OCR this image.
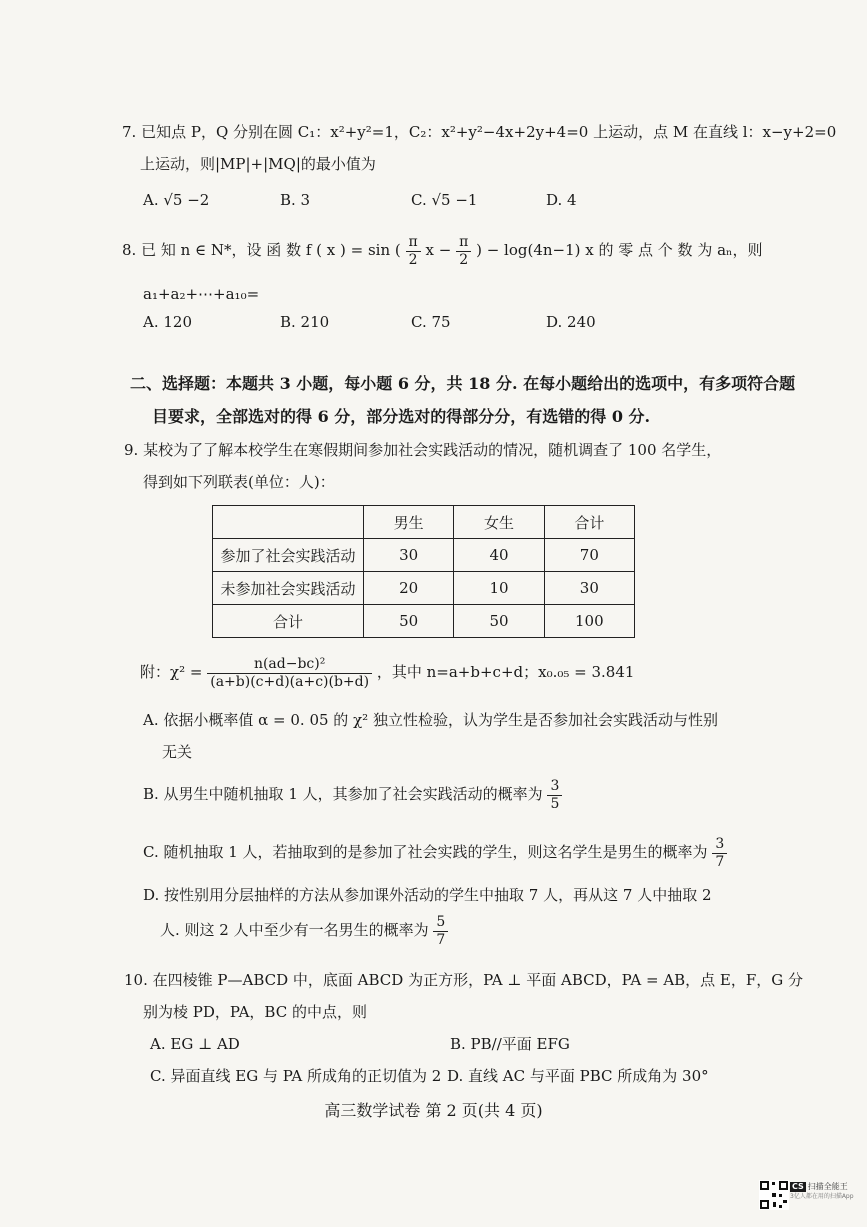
7. 已知点 P，Q 分别在圆 C₁：x²+y²=1，C₂：x²+y²−4x+2y+4=0 上运动，点 M 在直线 l：x−y+2=0
上运动，则|MP|+|MQ|的最小值为
A. √5 −2	B. 3	C. √5 −1	D. 4
8. 已 知 n ∈ N*，设 函 数 f ( x ) = sin ( $\frac{\pi}{2}$ $x - \frac{\pi}{2}$ ) − log(4n−1) x 的 零 点 个 数 为 aₙ，则
a₁+a₂+⋯+a₁₀=
A. 120	B. 210	C. 75	D. 240
二、选择题：本题共 3 小题，每小题 6 分，共 18 分. 在每小题给出的选项中，有多项符合题
目要求，全部选对的得 6 分，部分选对的得部分分，有选错的得 0 分.
9. 某校为了了解本校学生在寒假期间参加社会实践活动的情况，随机调查了 100 名学生，
得到如下列联表(单位：人)：
	男生	女生	合计
参加了社会实践活动	30	40	70
未参加社会实践活动	20	10	30
合计	50	50	100
附：$\chi^2 = \frac{\text{n(ad−bc)²}}{(a+b)(c+d)(a+c)(b+d)}$ ，其中 n=a+b+c+d；x₀.₀₅ = 3.841
A. 依据小概率值 α = 0. 05 的 χ² 独立性检验，认为学生是否参加社会实践活动与性别
无关
B. 从男生中随机抽取 1 人，其参加了社会实践活动的概率为 $\frac{3}{5}$
C. 随机抽取 1 人，若抽取到的是参加了社会实践的学生，则这名学生是男生的概率为 $\frac{3}{7}$
D. 按性别用分层抽样的方法从参加课外活动的学生中抽取 7 人，再从这 7 人中抽取 2
人. 则这 2 人中至少有一名男生的概率为 $\frac{5}{7}$
10. 在四棱锥 P—ABCD 中，底面 ABCD 为正方形，PA ⊥ 平面 ABCD，PA = AB，点 E，F，G 分
别为棱 PD，PA，BC 的中点，则
A. EG ⊥ AD	B. PB//平面 EFG
C. 异面直线 EG 与 PA 所成角的正切值为 2 D. 直线 AC 与平面 PBC 所成角为 30°
高三数学试卷 第 2 页(共 4 页)
CS 扫描全能王
3亿人都在用的扫描App
